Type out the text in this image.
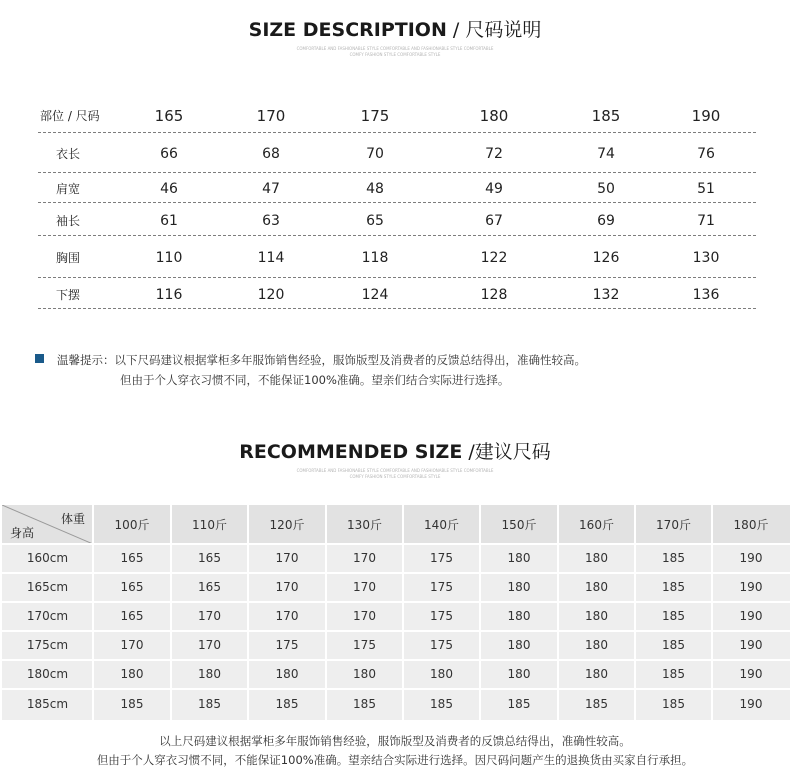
SIZE DESCRIPTION / 尺码说明
COMFORTABLE AND FASHIONABLE STYLE COMFORTABLE AND FASHIONABLE STYLE COMFORTABLE
COMFY FASHION STYLE COMFORTABLE STYLE
部位 / 尺码	165	170	175	180	185	190
衣长	66	68	70	72	74	76
肩宽	46	47	48	49	50	51
袖长	61	63	65	67	69	71
胸围	110	114	118	122	126	130
下摆	116	120	124	128	132	136
温馨提示：以下尺码建议根据掌柜多年服饰销售经验，服饰版型及消费者的反馈总结得出，准确性较高。
但由于个人穿衣习惯不同，不能保证100%准确。望亲们结合实际进行选择。
RECOMMENDED SIZE /建议尺码
COMFORTABLE AND FASHIONABLE STYLE COMFORTABLE AND FASHIONABLE STYLE COMFORTABLE
COMFY FASHION STYLE COMFORTABLE STYLE
体重
身高
100斤	110斤	120斤	130斤	140斤	150斤	160斤	170斤	180斤
160cm	165	165	170	170	175	180	180	185	190
165cm	165	165	170	170	175	180	180	185	190
170cm	165	170	170	170	175	180	180	185	190
175cm	170	170	175	175	175	180	180	185	190
180cm	180	180	180	180	180	180	180	185	190
185cm	185	185	185	185	185	185	185	185	190
以上尺码建议根据掌柜多年服饰销售经验，服饰版型及消费者的反馈总结得出，准确性较高。
但由于个人穿衣习惯不同，不能保证100%准确。望亲结合实际进行选择。因尺码问题产生的退换货由买家自行承担。
